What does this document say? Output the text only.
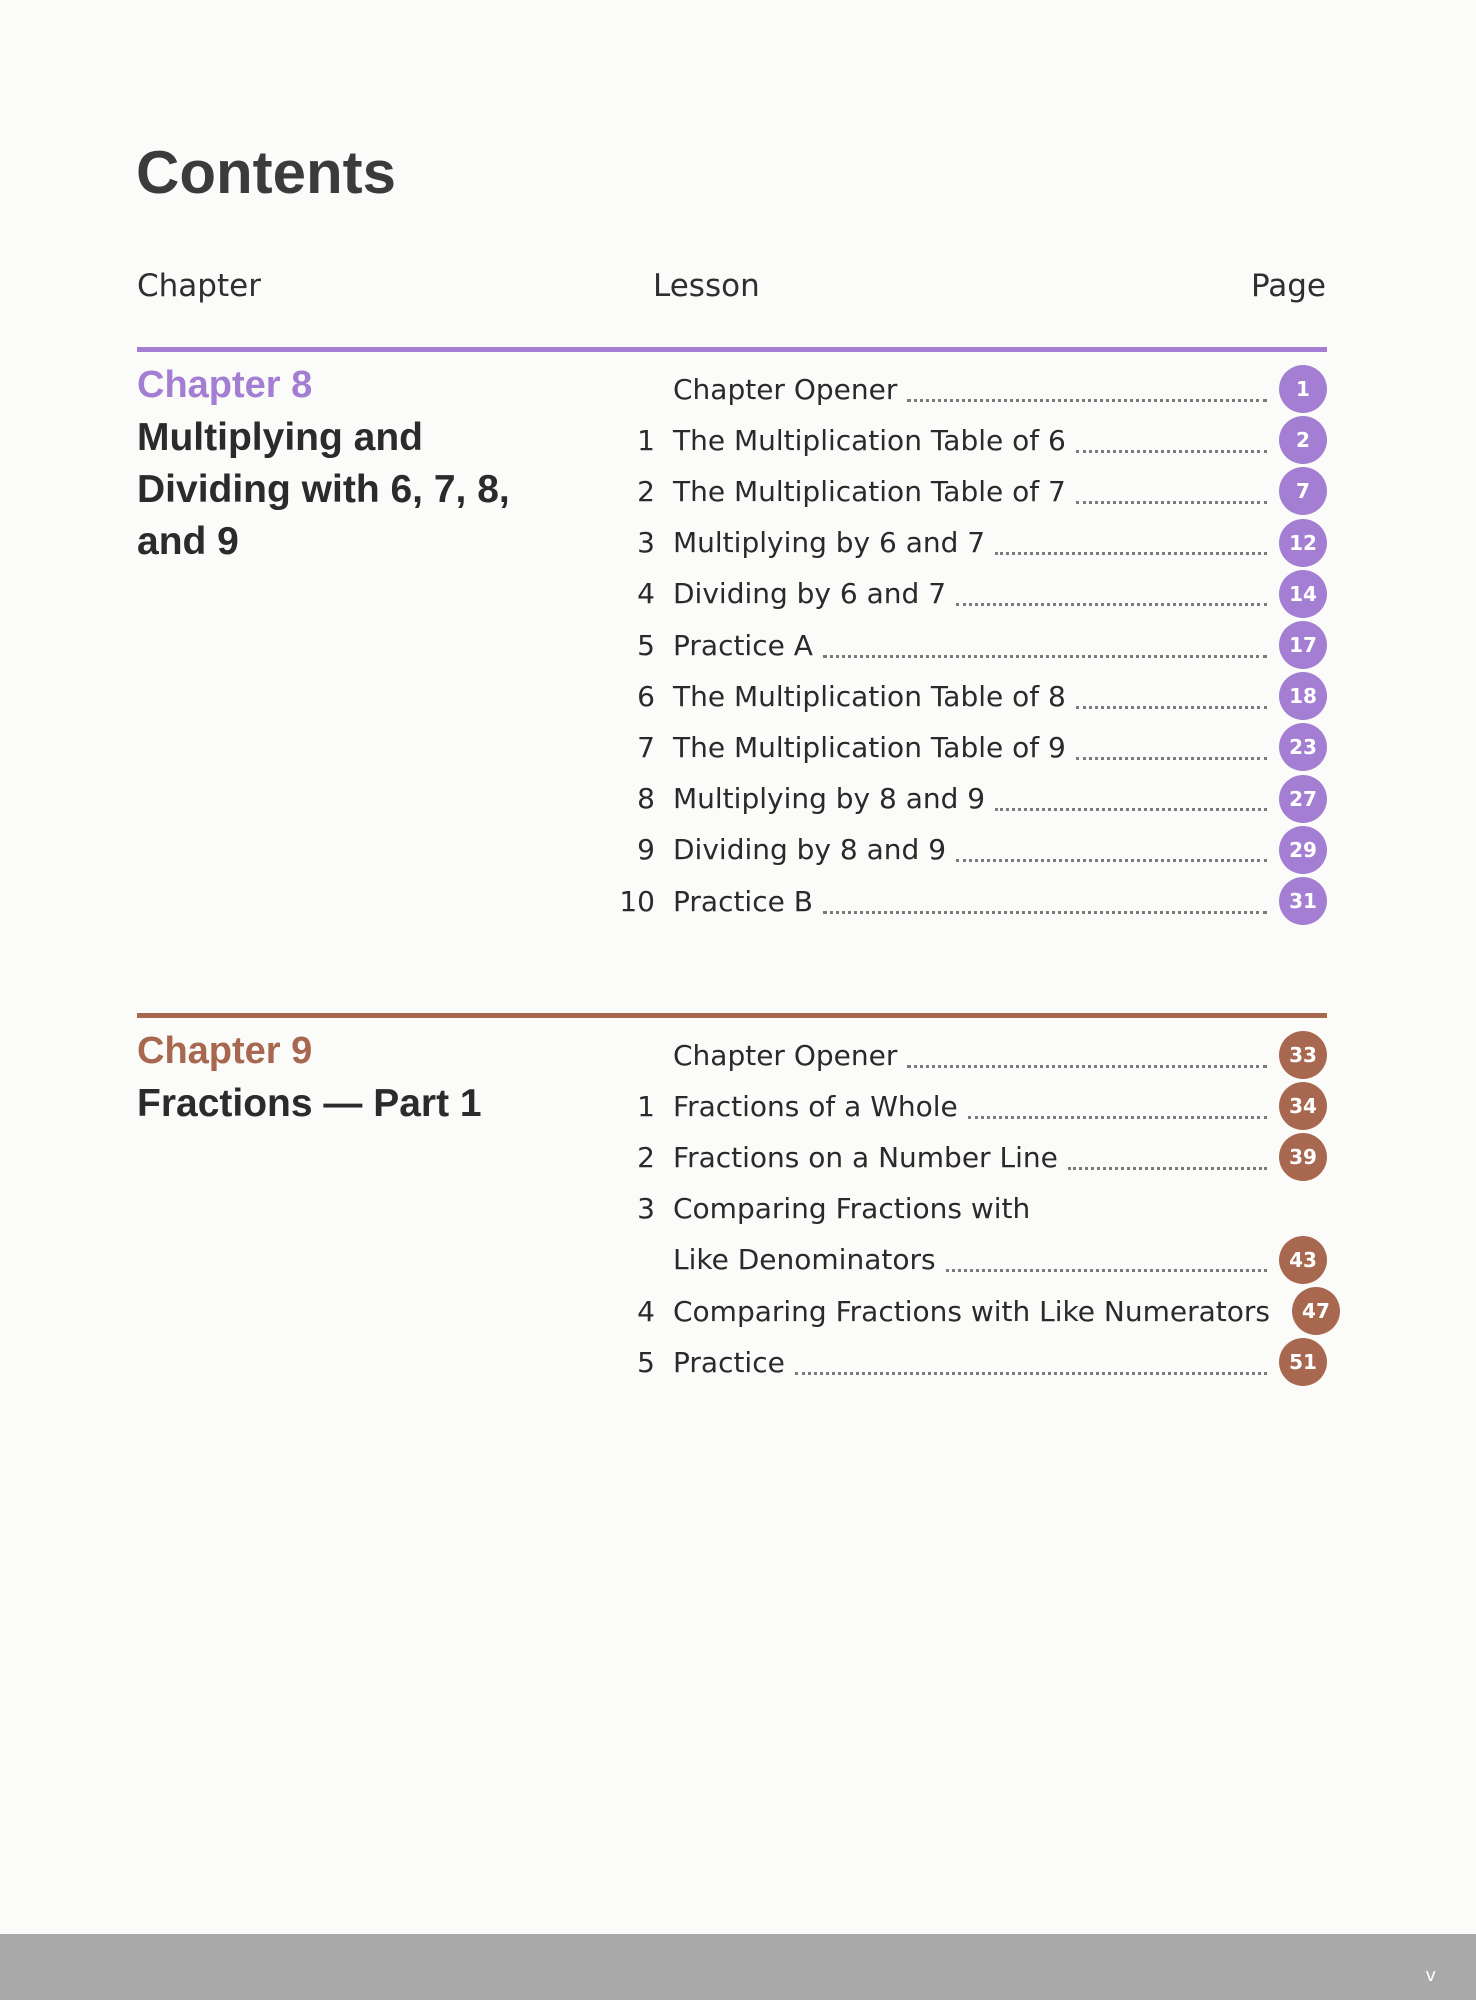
Contents
Chapter	Lesson	Page
Chapter 8
Multiplying and Dividing with 6, 7, 8, and 9
Chapter 9
Fractions — Part 1
Chapter Opener	1
1 The Multiplication Table of 6	2
2 The Multiplication Table of 7	7
3 Multiplying by 6 and 7	12
4 Dividing by 6 and 7	14
5 Practice A	17
6 The Multiplication Table of 8	18
7 The Multiplication Table of 9	23
8 Multiplying by 8 and 9	27
9 Dividing by 8 and 9	29
10 Practice B	31
Chapter Opener	33
1 Fractions of a Whole	34
2 Fractions on a Number Line	39
3 Comparing Fractions with
Like Denominators	43
4 Comparing Fractions with Like Numerators	47
5 Practice	51
v
